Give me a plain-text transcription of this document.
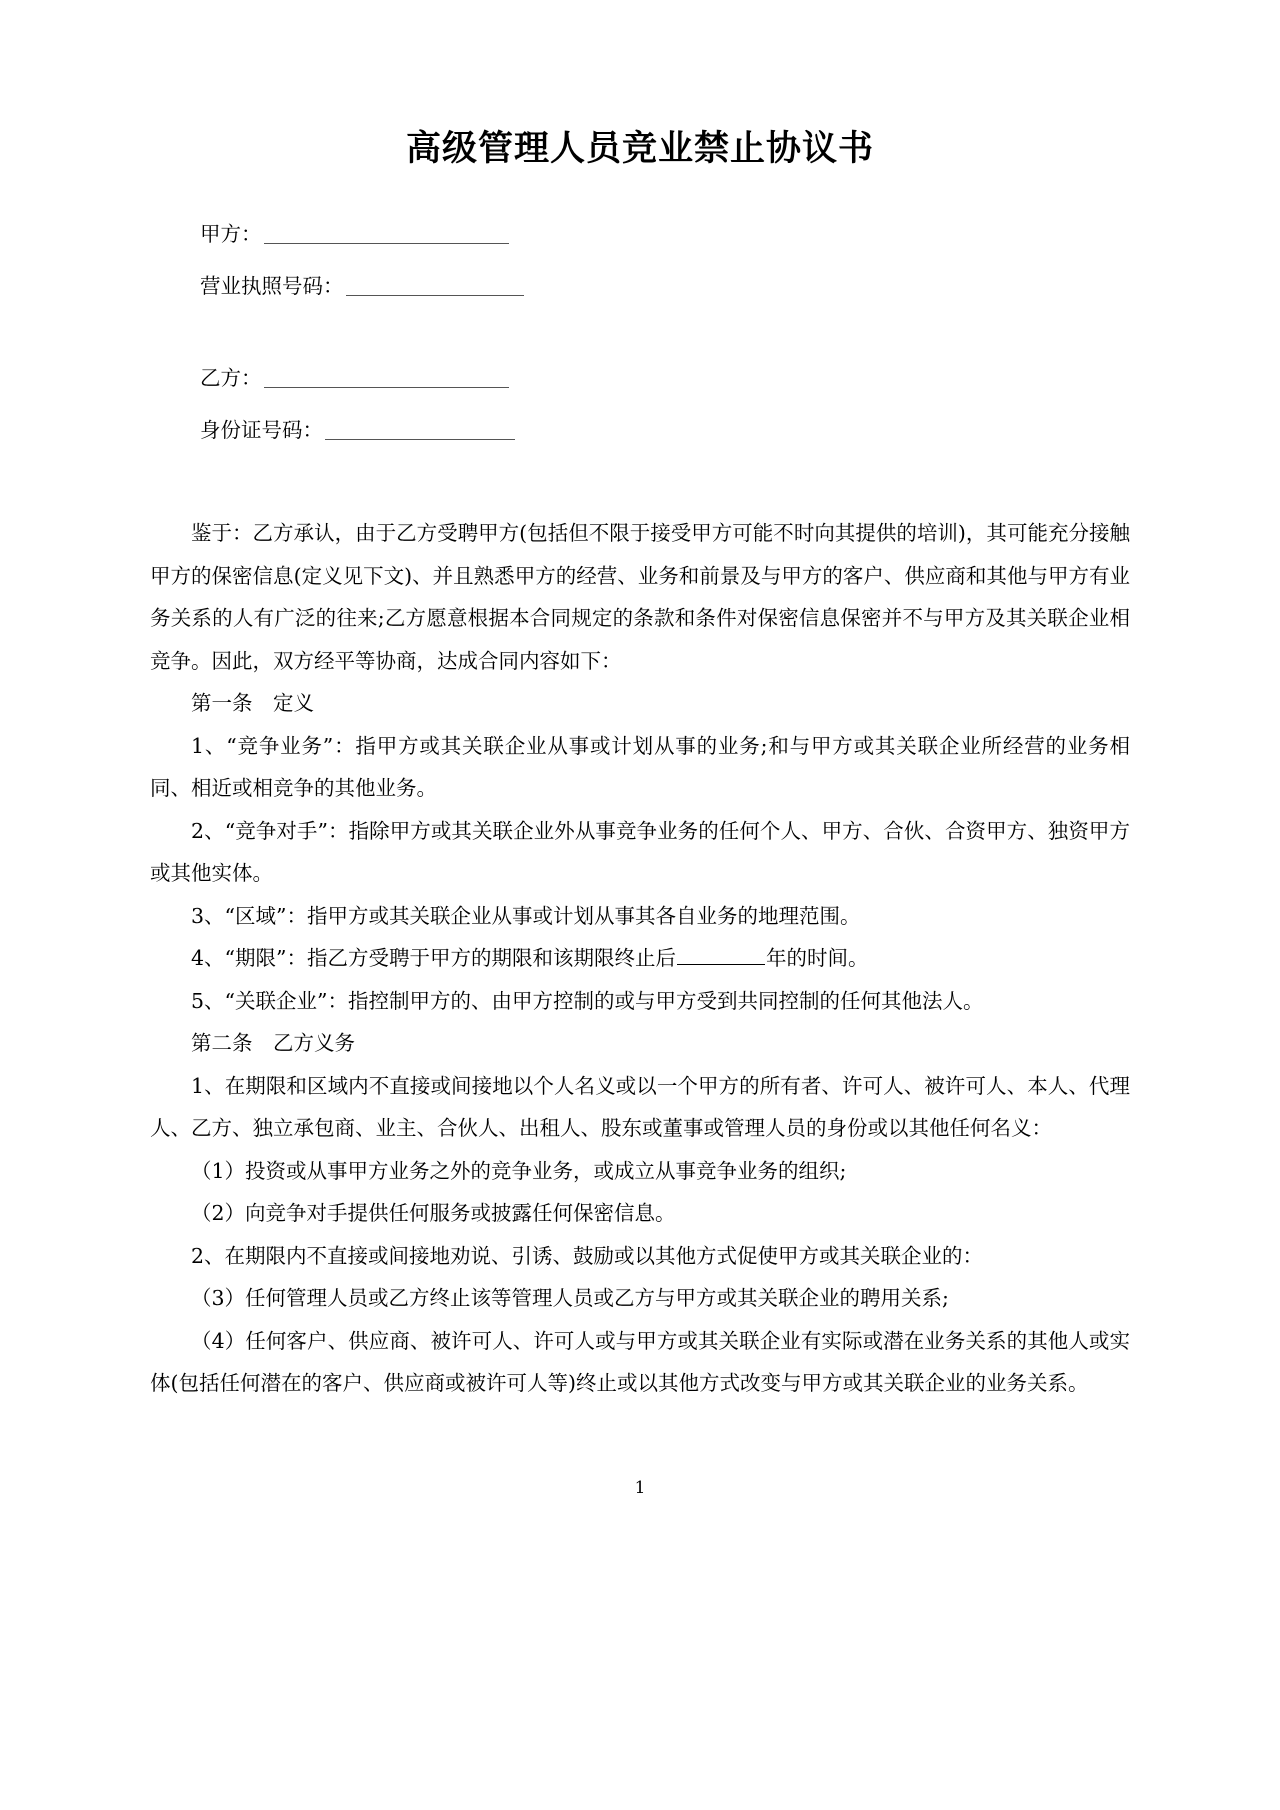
高级管理人员竞业禁止协议书
甲方：
营业执照号码：
乙方：
身份证号码：

鉴于：乙方承认，由于乙方受聘甲方(包括但不限于接受甲方可能不时向其提供的培训)，其可能充分接触甲方的保密信息(定义见下文)、并且熟悉甲方的经营、业务和前景及与甲方的客户、供应商和其他与甲方有业务关系的人有广泛的往来;乙方愿意根据本合同规定的条款和条件对保密信息保密并不与甲方及其关联企业相竞争。因此，双方经平等协商，达成合同内容如下：

第一条　定义

1、“竞争业务”：指甲方或其关联企业从事或计划从事的业务;和与甲方或其关联企业所经营的业务相同、相近或相竞争的其他业务。

2、“竞争对手”：指除甲方或其关联企业外从事竞争业务的任何个人、甲方、合伙、合资甲方、独资甲方或其他实体。

3、“区域”：指甲方或其关联企业从事或计划从事其各自业务的地理范围。

4、“期限”：指乙方受聘于甲方的期限和该期限终止后	年的时间。

5、“关联企业”：指控制甲方的、由甲方控制的或与甲方受到共同控制的任何其他法人。

第二条　乙方义务

1、在期限和区域内不直接或间接地以个人名义或以一个甲方的所有者、许可人、被许可人、本人、代理人、乙方、独立承包商、业主、合伙人、出租人、股东或董事或管理人员的身份或以其他任何名义：

（1）投资或从事甲方业务之外的竞争业务，或成立从事竞争业务的组织;

（2）向竞争对手提供任何服务或披露任何保密信息。

2、在期限内不直接或间接地劝说、引诱、鼓励或以其他方式促使甲方或其关联企业的：

（3）任何管理人员或乙方终止该等管理人员或乙方与甲方或其关联企业的聘用关系;

（4）任何客户、供应商、被许可人、许可人或与甲方或其关联企业有实际或潜在业务关系的其他人或实体(包括任何潜在的客户、供应商或被许可人等)终止或以其他方式改变与甲方或其关联企业的业务关系。

1
